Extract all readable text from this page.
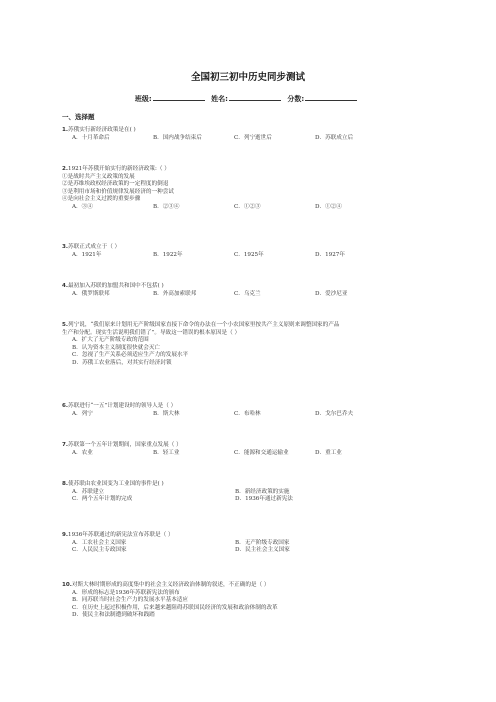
全国初三初中历史同步测试
班级:	姓名:	分数:
一、选择题
1.苏俄实行新经济政策是在( )
A．十月革命后	B．国内战争结束后	C．列宁逝世后	D．苏联成立后
2.1921年苏俄开始实行的新经济政策:（ ）
①是战时共产主义政策的发展
②是苏维埃政权经济政策的一定程度的倒退
③是利用市场和价值规律发展经济的一种尝试
④是向社会主义过渡的重要步骤
A．③④	B．②③④	C．①②③	D．①②④
3.苏联正式成立于（ ）
A．1921年	B．1922年	C．1925年	D．1927年
4.最初加入苏联的加盟共和国中不包括( )
A．俄罗斯联邦	B．外高加索联邦	C．乌克兰	D．爱沙尼亚
5.列宁说，“我们原来计划用无产阶级国家直接下命令的办法在一个小农国家里按共产主义原则来调整国家的产品
生产和分配。现实生活说明我们错了”。导致这一错误的根本原因是（ ）
A．扩大了无产阶级专政的范围
B．认为资本主义制度很快就会灭亡
C．忽视了生产关系必须适应生产力的发展水平
D．苏俄工农业落后，对其实行经济封锁
6.苏联进行“一五”计划建设时的领导人是（ ）
A．列宁	B．斯大林	C．布哈林	D．戈尔巴乔夫
7.苏联第一个五年计划期间，国家重点发展（ ）
A．农业	B．轻工业	C．能源和交通运输业	D．重工业
8.使苏联由农业国变为工业国的事件是( )
A．苏联建立	B．新经济政策的实施
C．两个五年计划的完成	D．1936年通过新宪法
9.1936年苏联通过的新宪法宣布苏联是（ ）
A．工农社会主义国家	B．无产阶级专政国家
C．人民民主专政国家	D．民主社会主义国家
10.对斯大林时期形成的高度集中的社会主义经济政治体制的叙述，不正确的是（ ）
A．形成的标志是1936年苏联新宪法的颁布
B．同苏联当时社会生产力的发展水平基本适应
C．在历史上起过积极作用，后来越来越阻碍苏联国民经济的发展和政治体制的改革
D．使民主和法制遭到破坏和践踏
